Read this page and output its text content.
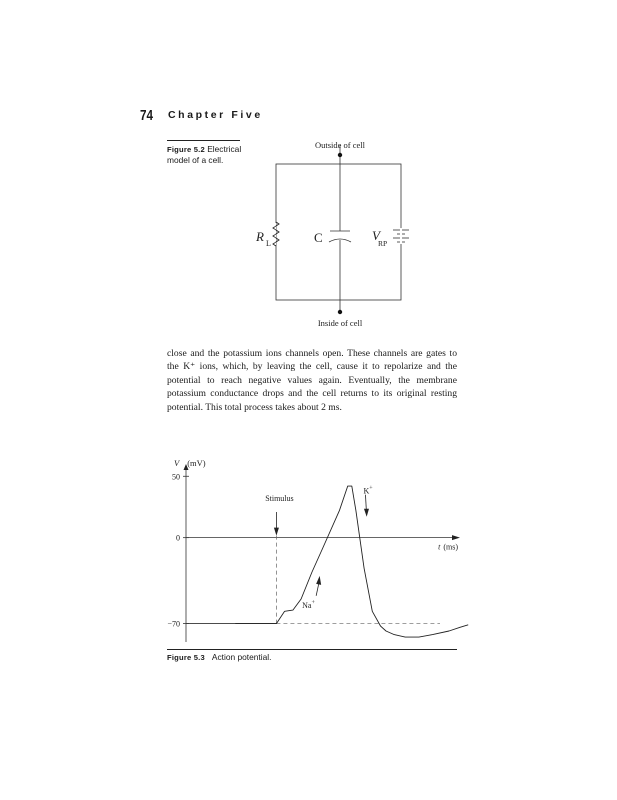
74 Chapter Five
Figure 5.2 Electrical
model of a cell.
Outside of cell
Inside of cell
R L	C	V
RP

close and the potassium ions channels open. These channels are gates to the K⁺ ions, which, by leaving the cell, cause it to repolarize and the potential to reach negative values again. Eventually, the membrane potassium conductance drops and the cell returns to its original resting potential. This total process takes about 2 ms.

50
0
−70
Stimulus
Na+
K+
V (mV)
t (ms)
Figure 5.3 Action potential.
